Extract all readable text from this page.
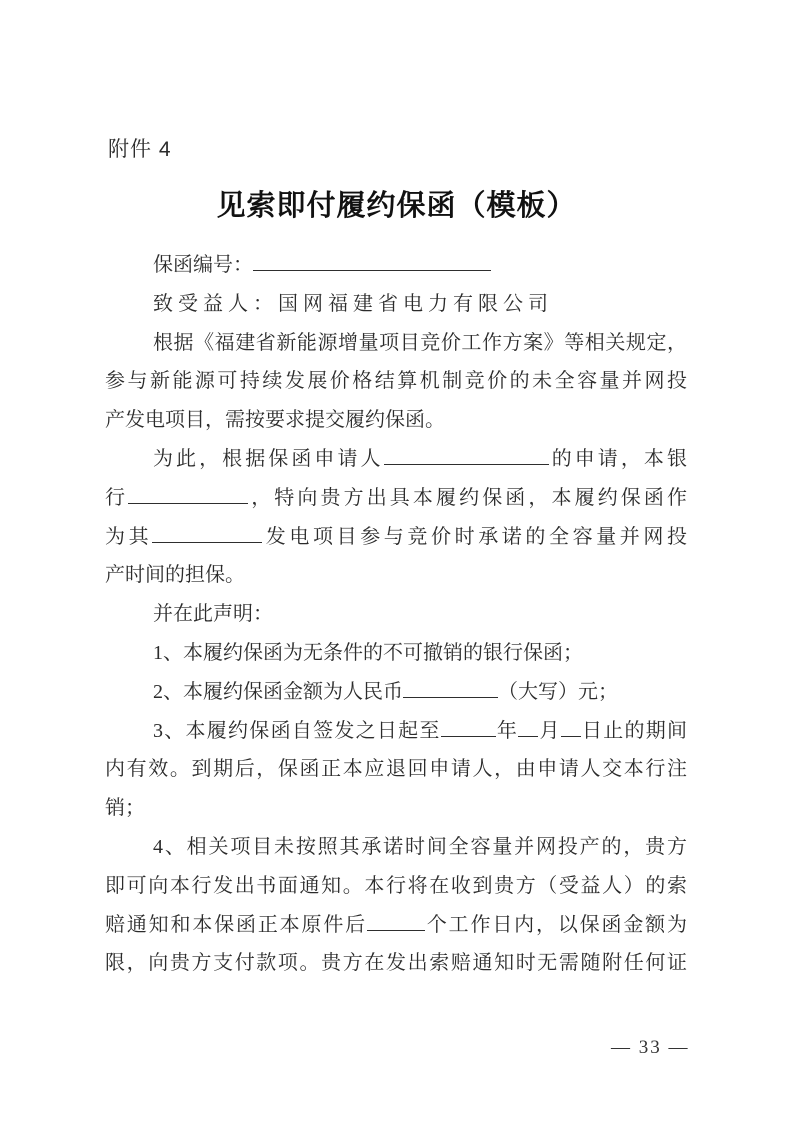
附件 4
见索即付履约保函（模板）
保函编号：
致受益人：国网福建省电力有限公司
根据《福建省新能源增量项目竞价工作方案》等相关规定，
参与新能源可持续发展价格结算机制竞价的未全容量并网投
产发电项目，需按要求提交履约保函。
为此，根据保函申请人	的申请，本银
行	，特向贵方出具本履约保函，本履约保函作
为其	发电项目参与竞价时承诺的全容量并网投
产时间的担保。
并在此声明：
1、本履约保函为无条件的不可撤销的银行保函；
2、本履约保函金额为人民币	（大写）元；
3、本履约保函自签发之日起至	年 月 日止的期间
内有效。到期后，保函正本应退回申请人，由申请人交本行注
销；
4、相关项目未按照其承诺时间全容量并网投产的，贵方
即可向本行发出书面通知。本行将在收到贵方（受益人）的索
赔通知和本保函正本原件后	个工作日内，以保函金额为
限，向贵方支付款项。贵方在发出索赔通知时无需随附任何证
— 33 —
